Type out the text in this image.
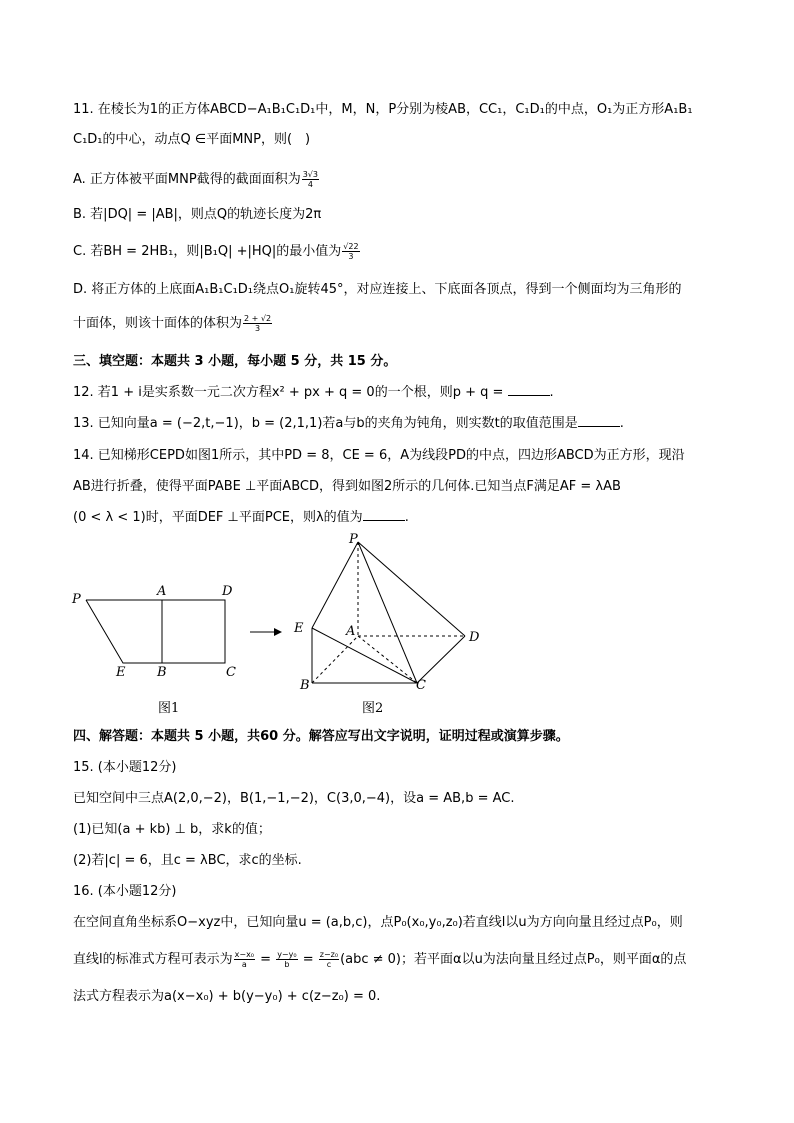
11. 在棱长为1的正方体ABCD−A₁B₁C₁D₁中，M，N，P分别为棱AB，CC₁，C₁D₁的中点，O₁为正方形A₁B₁
C₁D₁的中心，动点Q ∈平面MNP，则(　)
A. 正方体被平面MNP截得的截面面积为 $\frac{3√3}{4}$
B. 若|DQ| = |AB|，则点Q的轨迹长度为2π
C. 若BH = 2HB₁，则|B₁Q| +|HQ|的最小值为 $\frac{√22}{3}$
D. 将正方体的上底面A₁B₁C₁D₁绕点O₁旋转45°，对应连接上、下底面各顶点，得到一个侧面均为三角形的
十面体，则该十面体的体积为 $\frac{2 + √2}{3}$
三、填空题：本题共 3 小题，每小题 5 分，共 15 分。
12. 若1 + i是实系数一元二次方程x² + px + q = 0的一个根，则p + q =	.
13. 已知向量a = (−2,t,−1)，b = (2,1,1)若a与b的夹角为钝角，则实数t的取值范围是	.
14. 已知梯形CEPD如图1所示，其中PD = 8，CE = 6，A为线段PD的中点，四边形ABCD为正方形，现沿
AB进行折叠，使得平面PABE ⊥平面ABCD，得到如图2所示的几何体.已知当点F满足AF = λAB
(0 < λ < 1)时，平面DEF ⊥平面PCE，则λ的值为	.
P
A	D
E B	C
图1
P
E	A	D
B	C
图2
四、解答题：本题共 5 小题，共60 分。解答应写出文字说明，证明过程或演算步骤。
15. (本小题12分)
已知空间中三点A(2,0,−2)，B(1,−1,−2)，C(3,0,−4)，设a = AB,b = AC.
(1)已知(a + kb) ⊥ b，求k的值；
(2)若|c| = 6，且c = λBC，求c的坐标.
16. (本小题12分)
在空间直角坐标系O−xyz中，已知向量u = (a,b,c)，点P₀(x₀,y₀,z₀)若直线l以u为方向向量且经过点P₀，则
直线l的标准式方程可表示为 $\frac{\text{x−x₀}}{a} = \frac{\text{y−y₀}}{b} = \frac{\text{z−z₀}}{c} (abc \ne 0)$；若平面α以u为法向量且经过点P₀，则平面α的点
法式方程表示为a(x−x₀) + b(y−y₀) + c(z−z₀) = 0.
